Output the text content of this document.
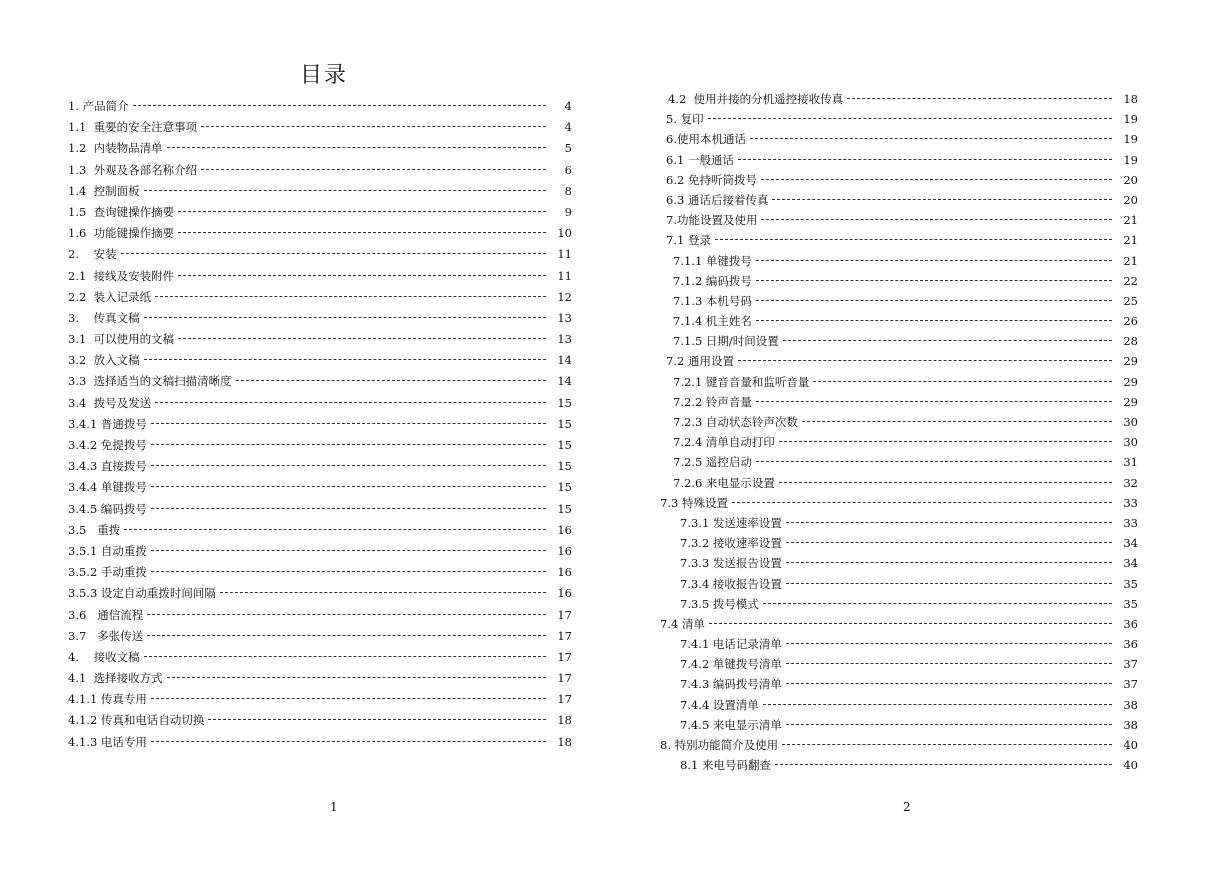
目录
1. 产品简介	4
1.1 重要的安全注意事项	4
1.2 内装物品清单	5
1.3 外观及各部名称介绍	6
1.4 控制面板	8
1.5 查询键操作摘要	9
1.6 功能键操作摘要	10
2. 安装	11
2.1 接线及安装附件	11
2.2 装入记录纸	12
3. 传真文稿	13
3.1 可以使用的文稿	13
3.2 放入文稿	14
3.3 选择适当的文稿扫描清晰度	14
3.4 拨号及发送	15
3.4.1 普通拨号	15
3.4.2 免提拨号	15
3.4.3 直接拨号	15
3.4.4 单键拨号	15
3.4.5 编码拨号	15
3.5 重拨	16
3.5.1 自动重拨	16
3.5.2 手动重拨	16
3.5.3 设定自动重拨时间间隔	16
3.6 通信流程	17
3.7 多张传送	17
4. 接收文稿	17
4.1 选择接收方式	17
4.1.1 传真专用	17
4.1.2 传真和电话自动切换	18
4.1.3 电话专用	18
1
4.2 使用并接的分机遥控接收传真	18
5. 复印	19
6. 使用本机通话	19
6.1 一般通话	19
6.2 免持听筒拨号	20
6.3 通话后接着传真	20
7. 功能设置及使用	21
7.1 登录	21
7.1.1 单键拨号	21
7.1.2 编码拨号	22
7.1.3 本机号码	25
7.1.4 机主姓名	26
7.1.5 日期/时间设置	28
7.2 通用设置	29
7.2.1 键音音量和监听音量	29
7.2.2 铃声音量	29
7.2.3 自动状态铃声次数	30
7.2.4 清单自动打印	30
7.2.5 遥控启动	31
7.2.6 来电显示设置	32
7.3 特殊设置	33
7.3.1 发送速率设置	33
7.3.2 接收速率设置	34
7.3.3 发送报告设置	34
7.3.4 接收报告设置	35
7.3.5 拨号模式	35
7.4 清单	36
7.4.1 电话记录清单	36
7.4.2 单键拨号清单	37
7.4.3 编码拨号清单	37
7.4.4 设置清单	38
7.4.5 来电显示清单	38
8. 特别功能简介及使用	40
8.1 来电号码翻查	40
2
